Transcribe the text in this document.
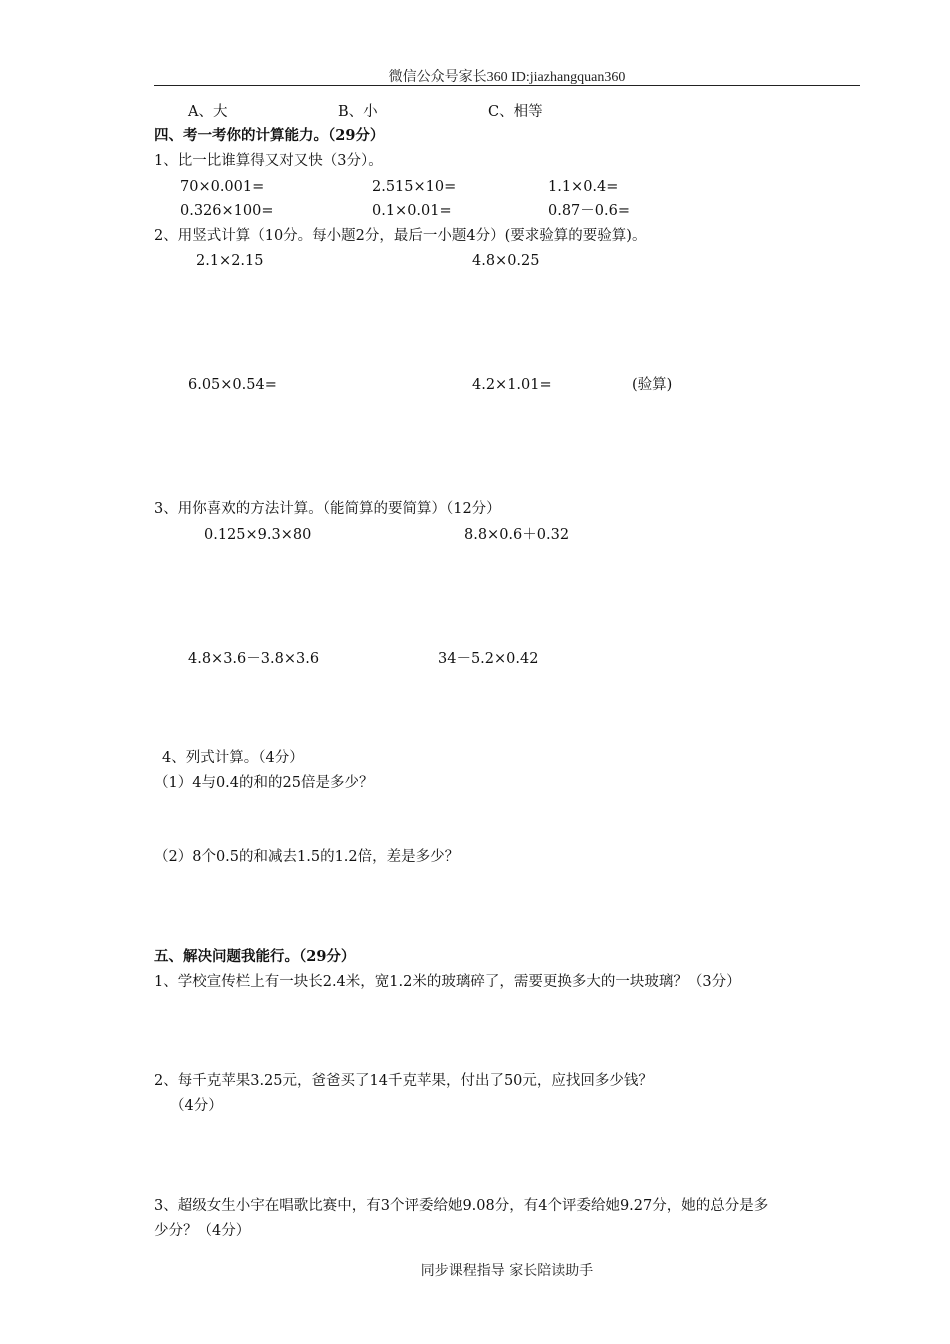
微信公众号家长360 ID:jiazhangquan360
A、大	B、小	C、相等
四、考一考你的计算能力。（29分）
1、比一比谁算得又对又快（3分）。
70×0.001=	2.515×10=	1.1×0.4=
0.326×100=	0.1×0.01=	0.87－0.6=
2、用竖式计算（10分。每小题2分，最后一小题4分）(要求验算的要验算)。
2.1×2.15	4.8×0.25
6.05×0.54=	4.2×1.01=	(验算)
3、用你喜欢的方法计算。（能简算的要简算）（12分）
0.125×9.3×80	8.8×0.6＋0.32
4.8×3.6－3.8×3.6	34－5.2×0.42
4、列式计算。（4分）
（1）4与0.4的和的25倍是多少？
（2）8个0.5的和减去1.5的1.2倍，差是多少？
五、解决问题我能行。（29分）
1、学校宣传栏上有一块长2.4米，宽1.2米的玻璃碎了，需要更换多大的一块玻璃？（3分）
2、每千克苹果3.25元，爸爸买了14千克苹果，付出了50元，应找回多少钱？
（4分）
3、超级女生小宇在唱歌比赛中，有3个评委给她9.08分，有4个评委给她9.27分，她的总分是多
少分？（4分）
同步课程指导 家长陪读助手
